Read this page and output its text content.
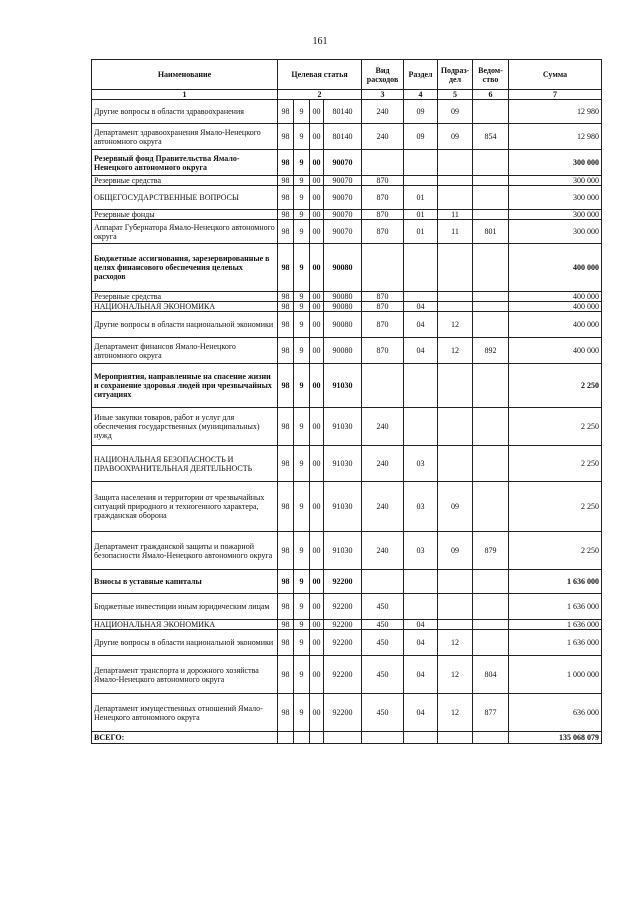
161
Наименование	Целевая статья				Вид расходов	Раздел	Подраз-дел	Ведом-ство	Сумма
1	2				3	4	5	6	7
Другие вопросы в области здравоохранения	98	9	00	80140	240	09	09		12 980
Департамент здравоохранения Ямало-Ненецкого автономного округа	98	9	00	80140	240	09	09	854	12 980
Резервный фонд Правительства Ямало-Ненецкого автономного округа	98	9	00	90070					300 000
Резервные средства	98	9	00	90070	870				300 000
ОБЩЕГОСУДАРСТВЕННЫЕ ВОПРОСЫ	98	9	00	90070	870	01			300 000
Резервные фонды	98	9	00	90070	870	01	11		300 000
Аппарат Губернатора Ямало-Ненецкого автономного округа	98	9	00	90070	870	01	11	801	300 000
Бюджетные ассигнования, зарезервированные в целях финансового обеспечения целевых расходов	98	9	00	90080					400 000
Резервные средства	98	9	00	90080	870				400 000
НАЦИОНАЛЬНАЯ ЭКОНОМИКА	98	9	00	90080	870	04			400 000
Другие вопросы в области национальной экономики	98	9	00	90080	870	04	12		400 000
Департамент финансов Ямало-Ненецкого автономного округа	98	9	00	90080	870	04	12	892	400 000
Мероприятия, направленные на спасение жизни и сохранение здоровья людей при чрезвычайных ситуациях	98	9	00	91030					2 250
Иные закупки товаров, работ и услуг для обеспечения государственных (муниципальных) нужд	98	9	00	91030	240				2 250
НАЦИОНАЛЬНАЯ БЕЗОПАСНОСТЬ И ПРАВООХРАНИТЕЛЬНАЯ ДЕЯТЕЛЬНОСТЬ	98	9	00	91030	240	03			2 250
Защита населения и территории от чрезвычайных ситуаций природного и техногенного характера, гражданская оборона	98	9	00	91030	240	03	09		2 250
Департамент гражданской защиты и пожарной безопасности Ямало-Ненецкого автономного округа	98	9	00	91030	240	03	09	879	2 250
Взносы в уставные капиталы	98	9	00	92200					1 636 000
Бюджетные инвестиции иным юридическим лицам	98	9	00	92200	450				1 636 000
НАЦИОНАЛЬНАЯ ЭКОНОМИКА	98	9	00	92200	450	04			1 636 000
Другие вопросы в области национальной экономики	98	9	00	92200	450	04	12		1 636 000
Департамент транспорта и дорожного хозяйства Ямало-Ненецкого автономного округа	98	9	00	92200	450	04	12	804	1 000 000
Департамент имущественных отношений Ямало-Ненецкого автономного округа	98	9	00	92200	450	04	12	877	636 000
ВСЕГО:									135 068 079
